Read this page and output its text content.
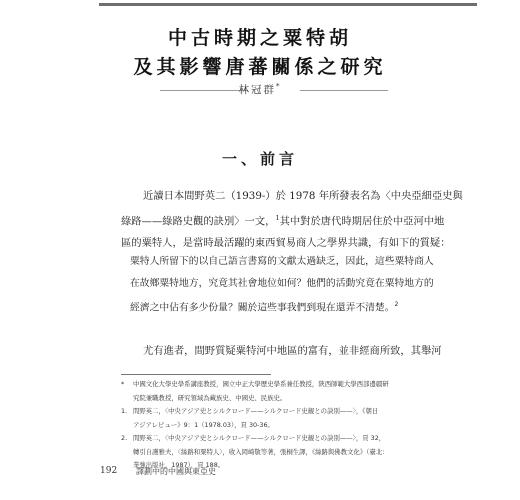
中古時期之粟特胡
及其影響唐蕃關係之研究
林冠群*
一、前言
近讀日本間野英二（1939-）於 1978 年所發表名為〈中央亞細亞史與
綠路——綠路史觀的訣別〉一文，$^1$其中對於唐代時期居住於中亞河中地
區的粟特人，是當時最活躍的東西貿易商人之學界共識，有如下的質疑：
粟特人所留下的以自己語言書寫的文獻太過缺乏，因此，這些粟特商人
在故鄉粟特地方，究竟其社會地位如何？他們的活動究竟在粟特地方的
經濟之中佔有多少份量？關於這些事我們到現在還弄不清楚。$^2$
尤有進者，間野質疑粟特河中地區的富有，並非經商所致，其舉河
*	中國文化大學史學系講座教授，國立中正大學歷史學系兼任教授，陝西師範大學西部邊疆研
究院兼職教授，研究領域為藏族史、中國史、民族史。
1. 間野英二，〈中央アジア史とシルクロード——シルクロード史観との訣別——〉，《朝日
アジアレビュー》9：1（1978.03），頁 30-36。
2. 間野英二，〈中央アジア史とシルクロード——シルクロード史観との訣別——〉，頁 32，
轉引自護雅夫，〈絲路和粟特人〉，收入岡崎敬等著，張桐生譯，《絲路與佛教文化》（臺北：
業強出版社，1987），頁 188。
192 譯劃中的中國與東亞史
